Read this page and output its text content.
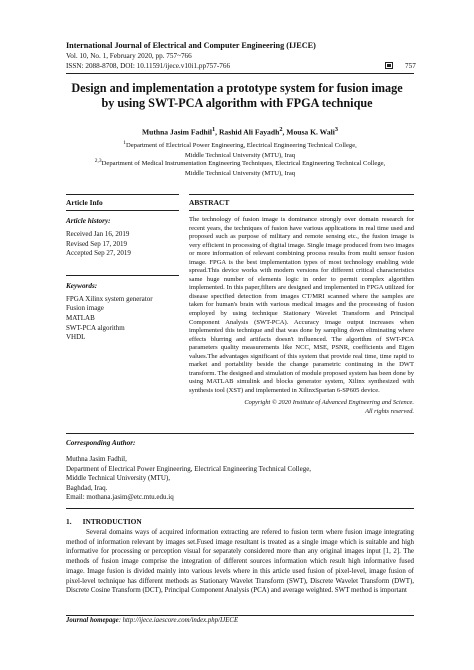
International Journal of Electrical and Computer Engineering (IJECE)
Vol. 10, No. 1, February 2020, pp. 757~766
ISSN: 2088-8708, DOI: 10.11591/ijece.v10i1.pp757-766	757
Design and implementation a prototype system for fusion image
by using SWT-PCA algorithm with FPGA technique
Muthna Jasim Fadhil$^1$, Rashid Ali Fayadh$^2$, Mousa K. Wali$^3$
$^1$Department of Electrical Power Engineering, Electrical Engineering Technical College,
Middle Technical University (MTU), Iraq
$^{2,3}$Department of Medical Instrumentation Engineering Techniques, Electrical Engineering Technical College,
Middle Technical University (MTU), Iraq
Article Info
Article history:
Received Jan 16, 2019
Revised Sep 17, 2019
Accepted Sep 27, 2019
Keywords:
FPGA Xilinx system generator
Fusion image
MATLAB
SWT-PCA algorithm
VHDL
ABSTRACT
The technology of fusion image is dominance strongly over domain research for recent years, the techniques of fusion have various applications in real time used and proposed such as purpose of military and remote sensing etc., the fusion image is very efficient in processing of digital image. Single image produced from two images or more information of relevant combining process results from multi sensor fusion image. FPGA is the best implementation types of most technology enabling wide spread.This device works with modern versions for different critical characteristics same huge number of elements logic in order to permit complex algorithm implemented. In this paper,filters are designed and implemented in FPGA utilized for disease specified detection from images CT/MRI scanned where the samples are taken for human's brain with various medical images and the processing of fusion employed by using technique Stationary Wavelet Transform and Principal Component Analysis (SWT-PCA). Accuracy image output increases when implemented this technique and that was done by sampling down eliminating where effects blurring and artifacts doesn't influenced. The algorithm of SWT-PCA parameters quality measurements like NCC, MSE, PSNR, coefficients and Eigen values.The advantages significant of this system that provide real time, time rapid to market and portability beside the change parametric continuing in the DWT transform. The designed and simulation of module proposed system has been done by using MATLAB simulink and blocks generator system, Xilinx synthesized with synthesis tool (XST) and implemented in XilinxSpartan 6-SP605 device.
Copyright © 2020 Institute of Advanced Engineering and Science.
All rights reserved.
Corresponding Author:
Muthna Jasim Fadhil,
Department of Electrical Power Engineering, Electrical Engineering Technical College,
Middle Technical University (MTU),
Baghdad, Iraq.
Email: mothana.jasim@etc.mtu.edu.iq
1.      INTRODUCTION
Several domains ways of acquired information extracting are refered to fusion term where fusion image integrating method of information relevant by images set.Fused image resultant is treated as a single image which is suitable and high informative for processing or perception visual for separately considered more than any original images input [1, 2]. The methods of fusion image comprise the integration of different sources information which result high informative fused image. Image fusion is divided mainly into various levels where in this article used fusion of pixel-level, image fusion of pixel-level technique has different methods as Stationary Wavelet Transform (SWT), Discrete Wavelet Transform (DWT), Discrete Cosine Transform (DCT), Principal Component Analysis (PCA) and average weighted. SWT method is important
Journal homepage: http://ijece.iaescore.com/index.php/IJECE
